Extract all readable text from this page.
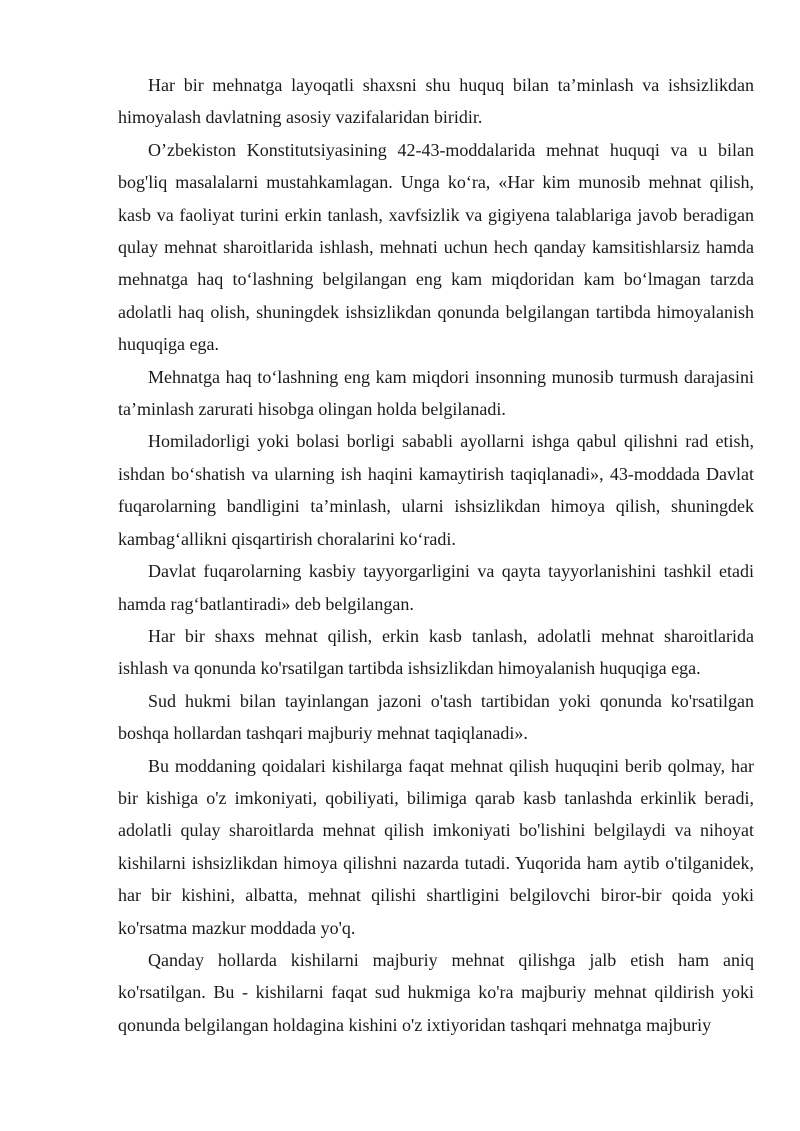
Har bir mehnatga layoqatli shaxsni shu huquq bilan ta’minlash va ishsizlikdan himoyalash davlatning asosiy vazifalaridan biridir.

O’zbekiston Konstitutsiyasining 42-43-moddalarida mehnat huquqi va u bilan bog'liq masalalarni mustahkamlagan. Unga ko‘ra, «Har kim munosib mehnat qilish, kasb va faoliyat turini erkin tanlash, xavfsizlik va gigiyena talablariga javob beradigan qulay mehnat sharoitlarida ishlash, mehnati uchun hech qanday kamsitishlarsiz hamda mehnatga haq to‘lashning belgilangan eng kam miqdoridan kam bo‘lmagan tarzda adolatli haq olish, shuningdek ishsizlikdan qonunda belgilangan tartibda himoyalanish huquqiga ega.

Mehnatga haq to‘lashning eng kam miqdori insonning munosib turmush darajasini ta’minlash zarurati hisobga olingan holda belgilanadi.

Homiladorligi yoki bolasi borligi sababli ayollarni ishga qabul qilishni rad etish, ishdan bo‘shatish va ularning ish haqini kamaytirish taqiqlanadi», 43-moddada Davlat fuqarolarning bandligini ta’minlash, ularni ishsizlikdan himoya qilish, shuningdek kambag‘allikni qisqartirish choralarini ko‘radi.

Davlat fuqarolarning kasbiy tayyorgarligini va qayta tayyorlanishini tashkil etadi hamda rag‘batlantiradi» deb belgilangan.

Har bir shaxs mehnat qilish, erkin kasb tanlash, adolatli mehnat sharoitlarida ishlash va qonunda ko'rsatilgan tartibda ishsizlikdan himoyalanish huquqiga ega.

Sud hukmi bilan tayinlangan jazoni o'tash tartibidan yoki qonunda ko'rsatilgan boshqa hollardan tashqari majburiy mehnat taqiqlanadi».

Bu moddaning qoidalari kishilarga faqat mehnat qilish huquqini berib qolmay, har bir kishiga o'z imkoniyati, qobiliyati, bilimiga qarab kasb tanlashda erkinlik beradi, adolatli qulay sharoitlarda mehnat qilish imkoniyati bo'lishini belgilaydi va nihoyat kishilarni ishsizlikdan himoya qilishni nazarda tutadi. Yuqorida ham aytib o'tilganidek, har bir kishini, albatta, mehnat qilishi shartligini belgilovchi biror-bir qoida yoki ko'rsatma mazkur moddada yo'q.

Qanday hollarda kishilarni majburiy mehnat qilishga jalb etish ham aniq ko'rsatilgan. Bu - kishilarni faqat sud hukmiga ko'ra majburiy mehnat qildirish yoki qonunda belgilangan holdagina kishini o'z ixtiyoridan tashqari mehnatga majburiy
